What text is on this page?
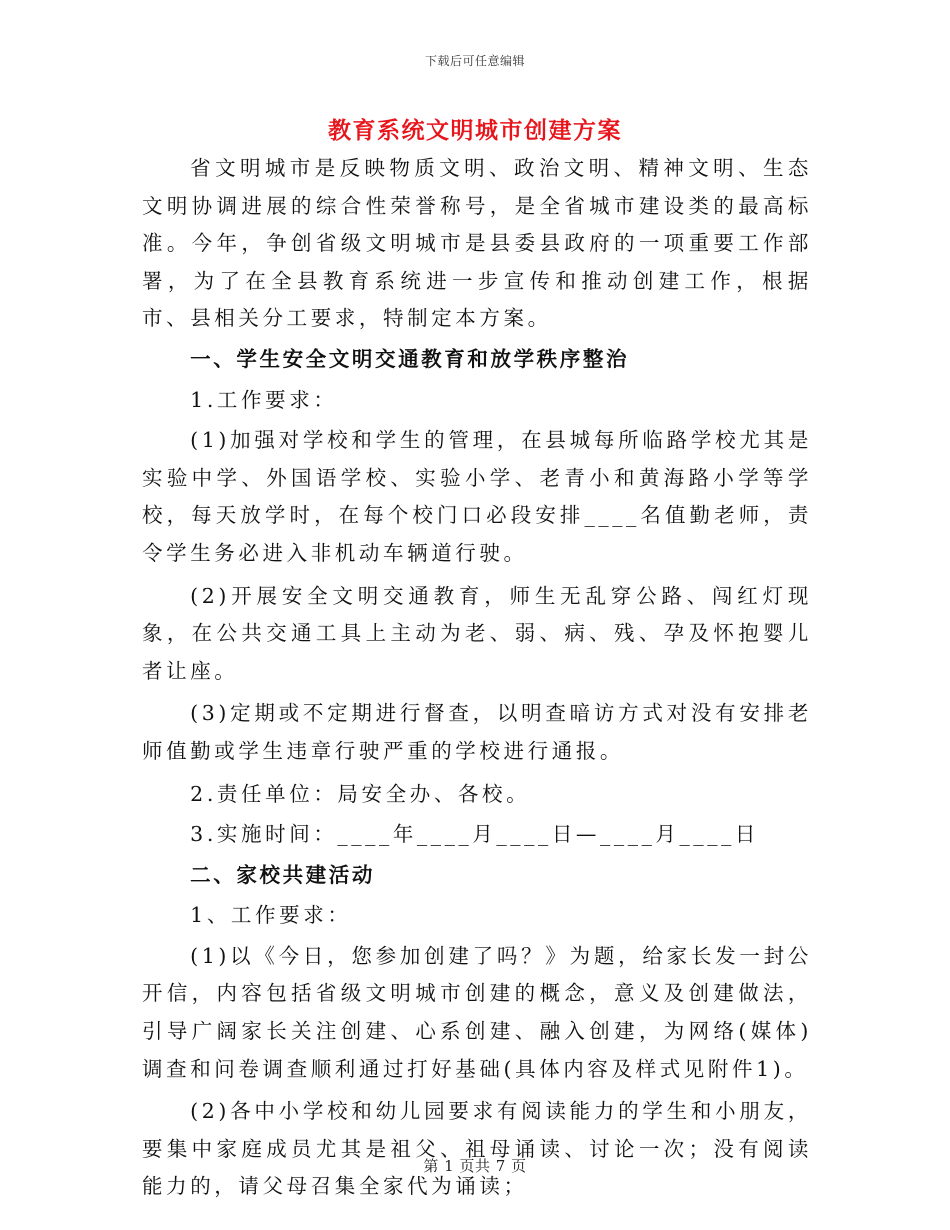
下载后可任意编辑
教育系统文明城市创建方案

省文明城市是反映物质文明、政治文明、精神文明、生态文明协调进展的综合性荣誉称号，是全省城市建设类的最高标准。今年，争创省级文明城市是县委县政府的一项重要工作部署，为了在全县教育系统进一步宣传和推动创建工作，根据市、县相关分工要求，特制定本方案。

一、学生安全文明交通教育和放学秩序整治

1.工作要求：

(1)加强对学校和学生的管理，在县城每所临路学校尤其是实验中学、外国语学校、实验小学、老青小和黄海路小学等学校，每天放学时，在每个校门口必段安排____名值勤老师，责令学生务必进入非机动车辆道行驶。

(2)开展安全文明交通教育，师生无乱穿公路、闯红灯现象，在公共交通工具上主动为老、弱、病、残、孕及怀抱婴儿者让座。

(3)定期或不定期进行督查，以明查暗访方式对没有安排老师值勤或学生违章行驶严重的学校进行通报。

2.责任单位：局安全办、各校。

3.实施时间：____年____月____日—____月____日

二、家校共建活动

1、工作要求：

(1)以《今日，您参加创建了吗？》为题，给家长发一封公开信，内容包括省级文明城市创建的概念，意义及创建做法，引导广阔家长关注创建、心系创建、融入创建，为网络(媒体)调查和问卷调查顺利通过打好基础(具体内容及样式见附件1)。

(2)各中小学校和幼儿园要求有阅读能力的学生和小朋友，要集中家庭成员尤其是祖父、祖母诵读、讨论一次；没有阅读能力的，请父母召集全家代为诵读；

第 1 页共 7 页
